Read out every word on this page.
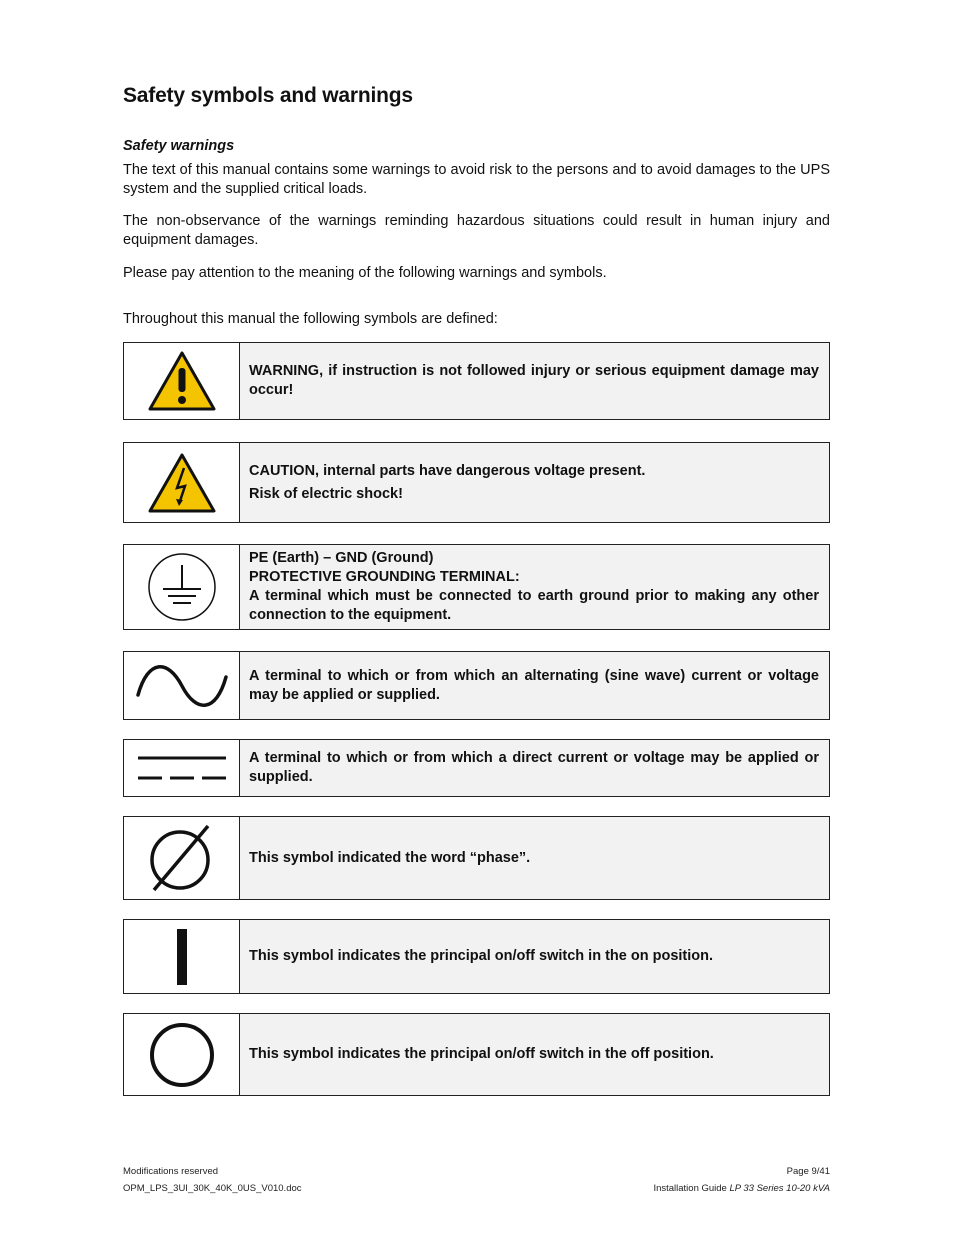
Safety symbols and warnings

Safety warnings

The text of this manual contains some warnings to avoid risk to the persons and to avoid damages to the UPS system and the supplied critical loads.

The non-observance of the warnings reminding hazardous situations could result in human injury and equipment damages.

Please pay attention to the meaning of the following warnings and symbols.

Throughout this manual the following symbols are defined:

WARNING, if instruction is not followed injury or serious equipment damage may occur!
CAUTION, internal parts have dangerous voltage present.
Risk of electric shock!
PE (Earth) – GND (Ground)
PROTECTIVE GROUNDING TERMINAL:
A terminal which must be connected to earth ground prior to making any other connection to the equipment.
A terminal to which or from which an alternating (sine wave) current or voltage may be applied or supplied.
A terminal to which or from which a direct current or voltage may be applied or supplied.
This symbol indicated the word “phase”.
This symbol indicates the principal on/off switch in the on position.
This symbol indicates the principal on/off switch in the off position.
Modifications reserved
OPM_LPS_3UI_30K_40K_0US_V010.doc
Page 9/41
Installation Guide LP 33 Series 10-20 kVA
